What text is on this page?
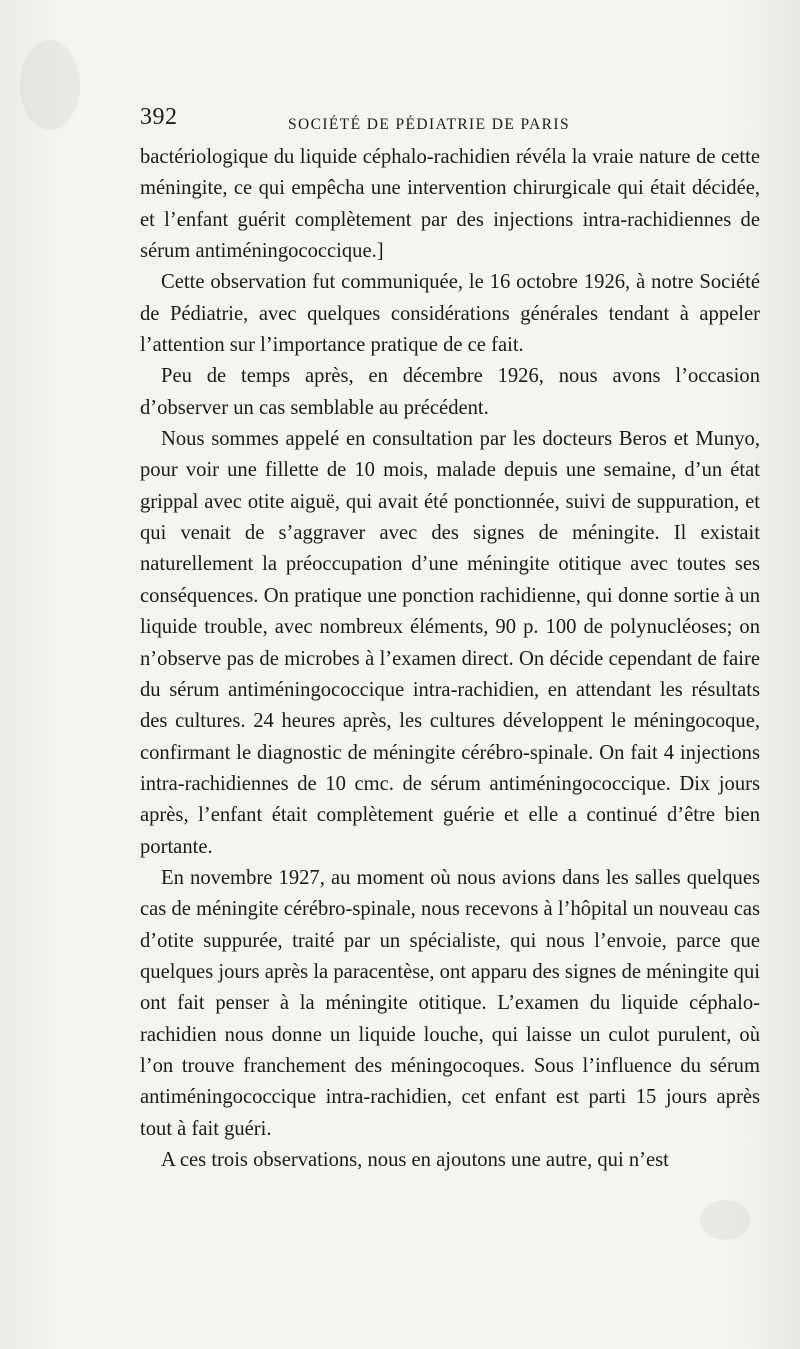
392	SOCIÉTÉ DE PÉDIATRIE DE PARIS

bactériologique du liquide céphalo-rachidien révéla la vraie nature de cette méningite, ce qui empêcha une intervention chirurgicale qui était décidée, et l’enfant guérit complètement par des injections intra-rachidiennes de sérum antiméningococcique.]

Cette observation fut communiquée, le 16 octobre 1926, à notre Société de Pédiatrie, avec quelques considérations générales tendant à appeler l’attention sur l’importance pratique de ce fait.

Peu de temps après, en décembre 1926, nous avons l’occasion d’observer un cas semblable au précédent.

Nous sommes appelé en consultation par les docteurs Beros et Munyo, pour voir une fillette de 10 mois, malade depuis une semaine, d’un état grippal avec otite aiguë, qui avait été ponctionnée, suivi de suppuration, et qui venait de s’aggraver avec des signes de méningite. Il existait naturellement la préoccupation d’une méningite otitique avec toutes ses conséquences. On pratique une ponction rachidienne, qui donne sortie à un liquide trouble, avec nombreux éléments, 90 p. 100 de polynucléoses; on n’observe pas de microbes à l’examen direct. On décide cependant de faire du sérum antiméningococcique intra-rachidien, en attendant les résultats des cultures. 24 heures après, les cultures développent le méningocoque, confirmant le diagnostic de méningite cérébro-spinale. On fait 4 injections intra-rachidiennes de 10 cmc. de sérum antiméningococcique. Dix jours après, l’enfant était complètement guérie et elle a continué d’être bien portante.

En novembre 1927, au moment où nous avions dans les salles quelques cas de méningite cérébro-spinale, nous recevons à l’hôpital un nouveau cas d’otite suppurée, traité par un spécialiste, qui nous l’envoie, parce que quelques jours après la paracentèse, ont apparu des signes de méningite qui ont fait penser à la méningite otitique. L’examen du liquide céphalo-rachidien nous donne un liquide louche, qui laisse un culot purulent, où l’on trouve franchement des méningocoques. Sous l’influence du sérum antiméningococcique intra-rachidien, cet enfant est parti 15 jours après tout à fait guéri.

A ces trois observations, nous en ajoutons une autre, qui n’est
